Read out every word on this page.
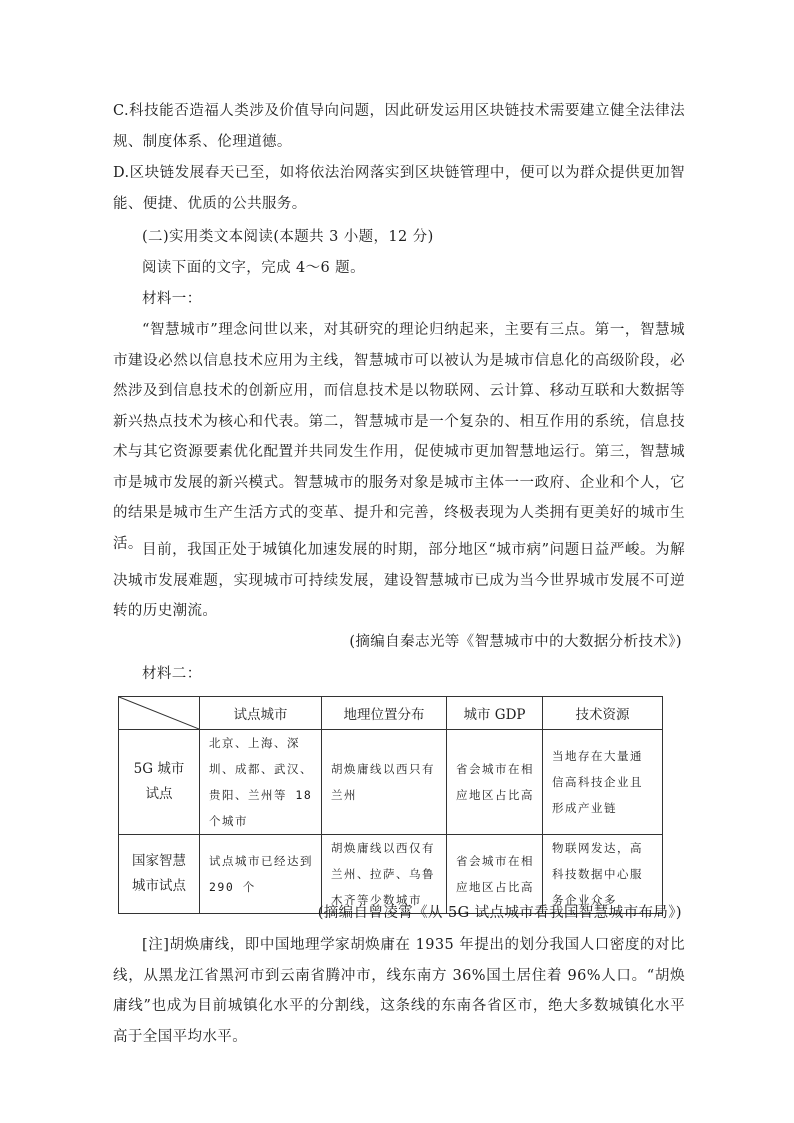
C.科技能否造福人类涉及价值导向问题，因此研发运用区块链技术需要建立健全法律法规、制度体系、伦理道德。

D.区块链发展春天已至，如将依法治网落实到区块链管理中，便可以为群众提供更加智能、便捷、优质的公共服务。

(二)实用类文本阅读(本题共 3 小题，12 分)

阅读下面的文字，完成 4～6 题。

材料一：

“智慧城市”理念问世以来，对其研究的理论归纳起来，主要有三点。第一，智慧城市建设必然以信息技术应用为主线，智慧城市可以被认为是城市信息化的高级阶段，必然涉及到信息技术的创新应用，而信息技术是以物联网、云计算、移动互联和大数据等新兴热点技术为核心和代表。第二，智慧城市是一个复杂的、相互作用的系统，信息技术与其它资源要素优化配置并共同发生作用，促使城市更加智慧地运行。第三，智慧城市是城市发展的新兴模式。智慧城市的服务对象是城市主体一一政府、企业和个人，它的结果是城市生产生活方式的变革、提升和完善，终极表现为人类拥有更美好的城市生活。 目前，我国正处于城镇化加速发展的时期，部分地区“城市病”问题日益严峻。为解决城市发展难题，实现城市可持续发展，建设智慧城市已成为当今世界城市发展不可逆转的历史潮流。

(摘编自秦志光等《智慧城市中的大数据分析技术》)

材料二：

	试点城市	地理位置分布	城市 GDP	技术资源

5G 城市
试点	北京、上海、深圳、成都、武汉、贵阳、兰州等 18 个城市	胡焕庸线以西只有兰州	省会城市在相应地区占比高	当地存在大量通信高科技企业且形成产业链

国家智慧
城市试点	试点城市已经达到 290 个	胡焕庸线以西仅有兰州、拉萨、乌鲁木齐等少数城市	省会城市在相应地区占比高	物联网发达，高科技数据中心服务企业众多

(摘编自曾凌霄《从 5G 试点城市看我国智慧城市布局》)

[注]胡焕庸线，即中国地理学家胡焕庸在 1935 年提出的划分我国人口密度的对比线，从黑龙江省黑河市到云南省腾冲市，线东南方 36%国土居住着 96%人口。“胡焕庸线”也成为目前城镇化水平的分割线，这条线的东南各省区市，绝大多数城镇化水平高于全国平均水平。
